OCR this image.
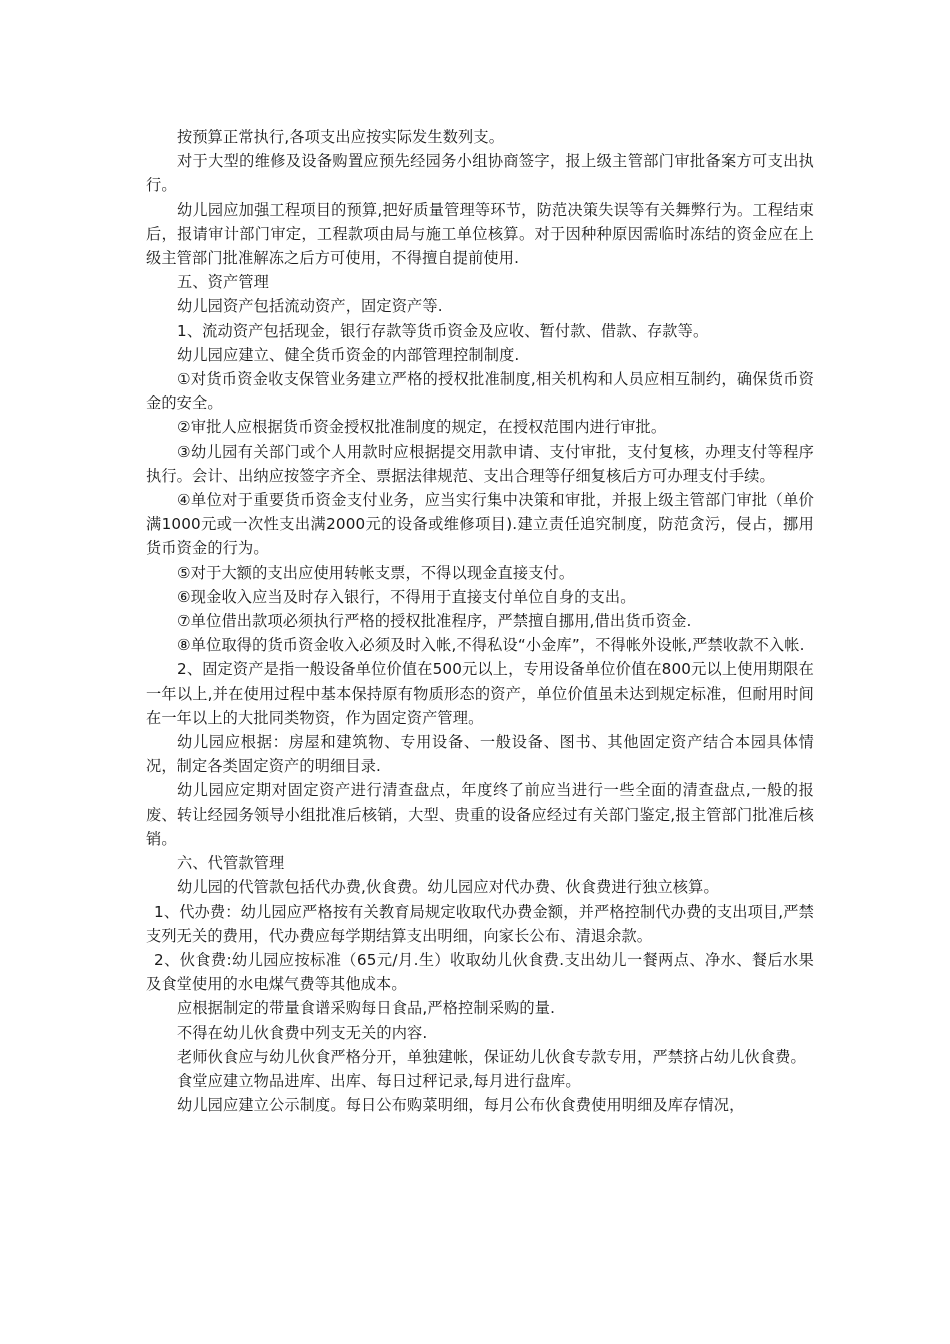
按预算正常执行,各项支出应按实际发生数列支。

对于大型的维修及设备购置应预先经园务小组协商签字，报上级主管部门审批备案方可支出执行。

幼儿园应加强工程项目的预算,把好质量管理等环节，防范决策失误等有关舞弊行为。工程结束后，报请审计部门审定，工程款项由局与施工单位核算。对于因种种原因需临时冻结的资金应在上级主管部门批准解冻之后方可使用，不得擅自提前使用.

五、资产管理

幼儿园资产包括流动资产，固定资产等.

1、流动资产包括现金，银行存款等货币资金及应收、暂付款、借款、存款等。

幼儿园应建立、健全货币资金的内部管理控制制度.

①对货币资金收支保管业务建立严格的授权批准制度,相关机构和人员应相互制约，确保货币资金的安全。

②审批人应根据货币资金授权批准制度的规定，在授权范围内进行审批。

③幼儿园有关部门或个人用款时应根据提交用款申请、支付审批，支付复核，办理支付等程序执行。会计、出纳应按签字齐全、票据法律规范、支出合理等仔细复核后方可办理支付手续。

④单位对于重要货币资金支付业务，应当实行集中决策和审批，并报上级主管部门审批（单价满1000元或一次性支出满2000元的设备或维修项目).建立责任追究制度，防范贪污，侵占，挪用货币资金的行为。

⑤对于大额的支出应使用转帐支票，不得以现金直接支付。

⑥现金收入应当及时存入银行，不得用于直接支付单位自身的支出。

⑦单位借出款项必须执行严格的授权批准程序，严禁擅自挪用,借出货币资金.

⑧单位取得的货币资金收入必须及时入帐,不得私设“小金库”，不得帐外设帐,严禁收款不入帐.

2、固定资产是指一般设备单位价值在500元以上，专用设备单位价值在800元以上使用期限在一年以上,并在使用过程中基本保持原有物质形态的资产，单位价值虽未达到规定标准，但耐用时间在一年以上的大批同类物资，作为固定资产管理。

幼儿园应根据：房屋和建筑物、专用设备、一般设备、图书、其他固定资产结合本园具体情况，制定各类固定资产的明细目录.

幼儿园应定期对固定资产进行清查盘点，年度终了前应当进行一些全面的清查盘点,一般的报废、转让经园务领导小组批准后核销，大型、贵重的设备应经过有关部门鉴定,报主管部门批准后核销。

六、代管款管理

幼儿园的代管款包括代办费,伙食费。幼儿园应对代办费、伙食费进行独立核算。

1、代办费：幼儿园应严格按有关教育局规定收取代办费金额，并严格控制代办费的支出项目,严禁支列无关的费用，代办费应每学期结算支出明细，向家长公布、清退余款。

2、伙食费:幼儿园应按标准（65元/月.生）收取幼儿伙食费.支出幼儿一餐两点、净水、餐后水果及食堂使用的水电煤气费等其他成本。

应根据制定的带量食谱采购每日食品,严格控制采购的量.

不得在幼儿伙食费中列支无关的内容.

老师伙食应与幼儿伙食严格分开，单独建帐，保证幼儿伙食专款专用，严禁挤占幼儿伙食费。

食堂应建立物品进库、出库、每日过秤记录,每月进行盘库。

幼儿园应建立公示制度。每日公布购菜明细，每月公布伙食费使用明细及库存情况，
